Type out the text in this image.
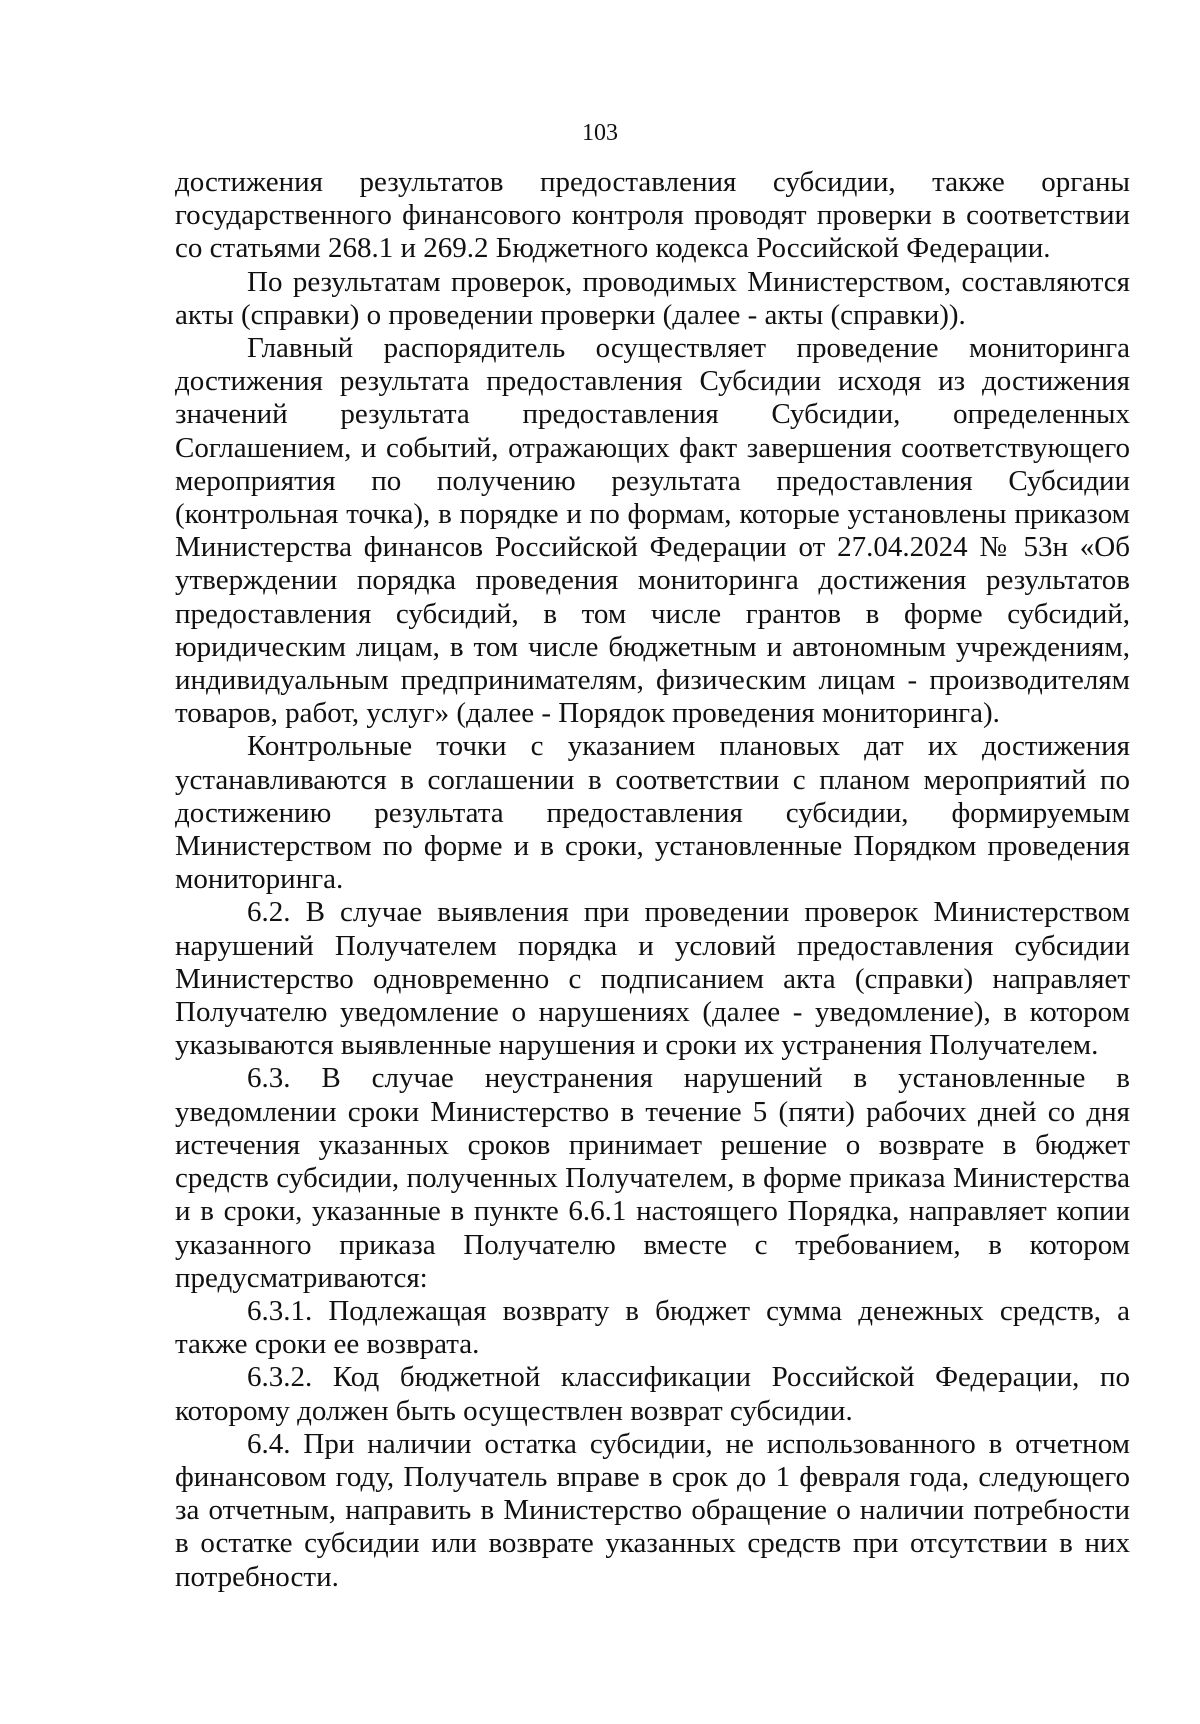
103

достижения результатов предоставления субсидии, также органы государственного финансового контроля проводят проверки в соответствии со статьями 268.1 и 269.2 Бюджетного кодекса Российской Федерации.

По результатам проверок, проводимых Министерством, составляются акты (справки) о проведении проверки (далее - акты (справки)).

Главный распорядитель осуществляет проведение мониторинга достижения результата предоставления Субсидии исходя из достижения значений результата предоставления Субсидии, определенных Соглашением, и событий, отражающих факт завершения соответствующего мероприятия по получению результата предоставления Субсидии (контрольная точка), в порядке и по формам, которые установлены приказом Министерства финансов Российской Федерации от 27.04.2024 № 53н «Об утверждении порядка проведения мониторинга достижения результатов предоставления субсидий, в том числе грантов в форме субсидий, юридическим лицам, в том числе бюджетным и автономным учреждениям, индивидуальным предпринимателям, физическим лицам - производителям товаров, работ, услуг» (далее - Порядок проведения мониторинга).

Контрольные точки с указанием плановых дат их достижения устанавливаются в соглашении в соответствии с планом мероприятий по достижению результата предоставления субсидии, формируемым Министерством по форме и в сроки, установленные Порядком проведения мониторинга.

6.2. В случае выявления при проведении проверок Министерством нарушений Получателем порядка и условий предоставления субсидии Министерство одновременно с подписанием акта (справки) направляет Получателю уведомление о нарушениях (далее - уведомление), в котором указываются выявленные нарушения и сроки их устранения Получателем.

6.3. В случае неустранения нарушений в установленные в уведомлении сроки Министерство в течение 5 (пяти) рабочих дней со дня истечения указанных сроков принимает решение о возврате в бюджет средств субсидии, полученных Получателем, в форме приказа Министерства и в сроки, указанные в пункте 6.6.1 настоящего Порядка, направляет копии указанного приказа Получателю вместе с требованием, в котором предусматриваются:

6.3.1. Подлежащая возврату в бюджет сумма денежных средств, а также сроки ее возврата.

6.3.2. Код бюджетной классификации Российской Федерации, по которому должен быть осуществлен возврат субсидии.

6.4. При наличии остатка субсидии, не использованного в отчетном финансовом году, Получатель вправе в срок до 1 февраля года, следующего за отчетным, направить в Министерство обращение о наличии потребности в остатке субсидии или возврате указанных средств при отсутствии в них потребности.
